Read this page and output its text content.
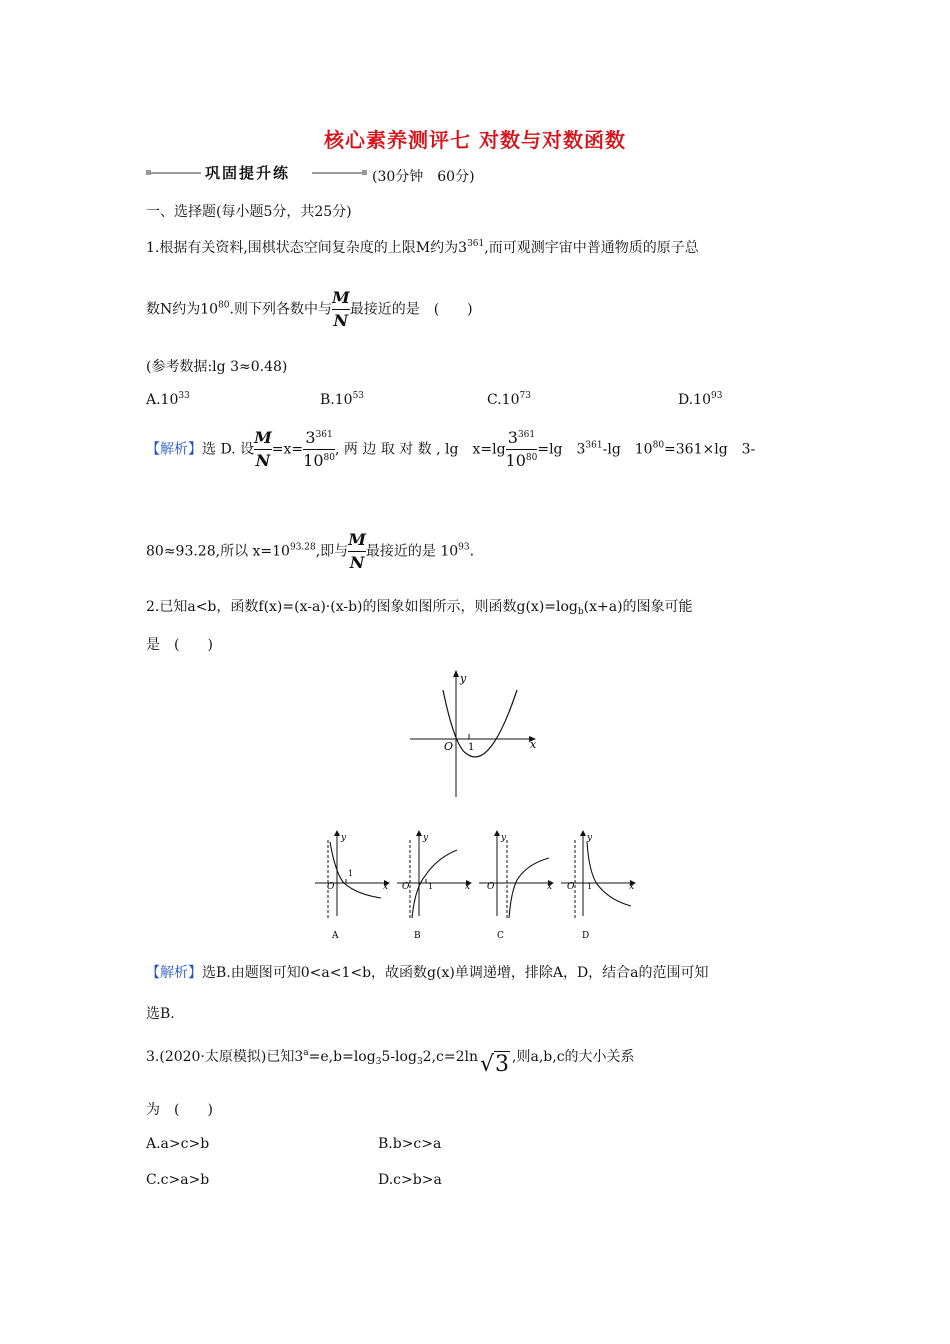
核心素养测评七 对数与对数函数
巩固提升练	(30分钟　60分)
一、选择题(每小题5分，共25分)
1.根据有关资料,围棋状态空间复杂度的上限M约为$3^{361}$,而可观测宇宙中普通物质的原子总
数N约为$10^{80}$.则下列各数中与 $\frac{M}{N}$ 最接近的是　(　　)
(参考数据:lg 3≈0.48)
$A.10^{33}$	$B.10^{53}$	$C.10^{73}$	$D.10^{93}$
【解析】选 D. 设 $\frac{M}{N} =x= \frac{3^{361}}{10^{80}}$ , 两 边 取 对 数 , lg　$x=\lg \frac{3^{361}}{10^{80}} =\lg$　$3^{361}-\lg$　$10^{80}=361\times\lg$　3-
80≈93.28,所以 $x=10^{93.28}$,即与 $\frac{M}{N}$ 最接近的是 $10^{93}$.
2.已知a<b，函数f(x)=(x-a)·(x-b)的图象如图所示，则函数$g(x)=\log_b(x+a)$的图象可能
是　(　　)
y
x
O 1
y
x
O
1
A
y
x
O 1
B
y
x
O
C
y
x
O 1
D
【解析】选B.由题图可知0<a<1<b，故函数g(x)单调递增，排除A，D，结合a的范围可知
选B.
3.(2020·太原模拟)已知$3^a=e,b=\log_35-\log_32,c=2\ln√3$ ,则a,b,c的大小关系
为　(　　)
A.a>c>b	B.b>c>a
C.c>a>b	D.c>b>a
